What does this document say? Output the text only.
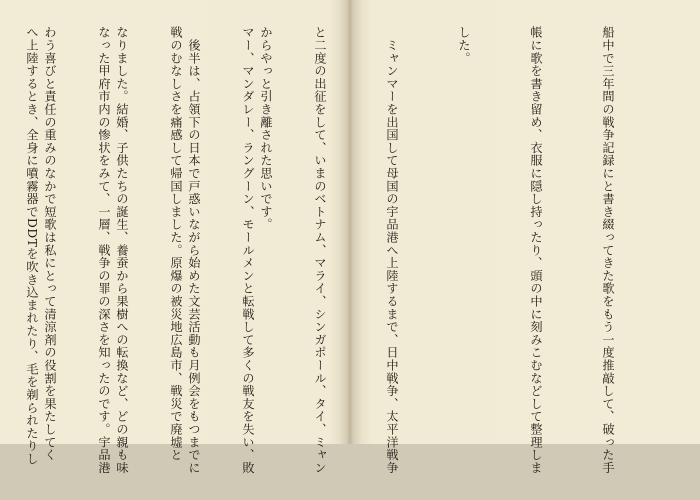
からやっと引き離された思いです。

　後半は、占領下の日本で戸惑いながら始めた文芸活動も月例会をもつまでに

なりました。結婚、子供たちの誕生、養蚕から果樹への転換など、どの親も味

わう喜びと責任の重みのなかで短歌は私にとって清涼剤の役割を果たしてく

	船中で三年間の戦争記録にと書き綴ってきた歌をもう一度推敲して、破った手

帳に歌を書き留め、衣服に隠し持ったり、頭の中に刻みこむなどして整理しま

した。

　ミャンマーを出国して母国の宇品港へ上陸するまで、日中戦争、太平洋戦争

と二度の出征をして、いまのベトナム、マライ、シンガポール、タイ、ミャン

マー、マンダレー、ラングーン、モールメンと転戦して多くの戦友を失い、敗

戦のむなしさを痛感して帰国しました。原爆の被災地広島市、戦災で廃墟と

なった甲府市内の惨状をみて、一層、戦争の罪の深さを知ったのです。宇品港

へ上陸するとき、全身に噴霧器でDDTを吹き込まれたり、毛を剃られたりし
